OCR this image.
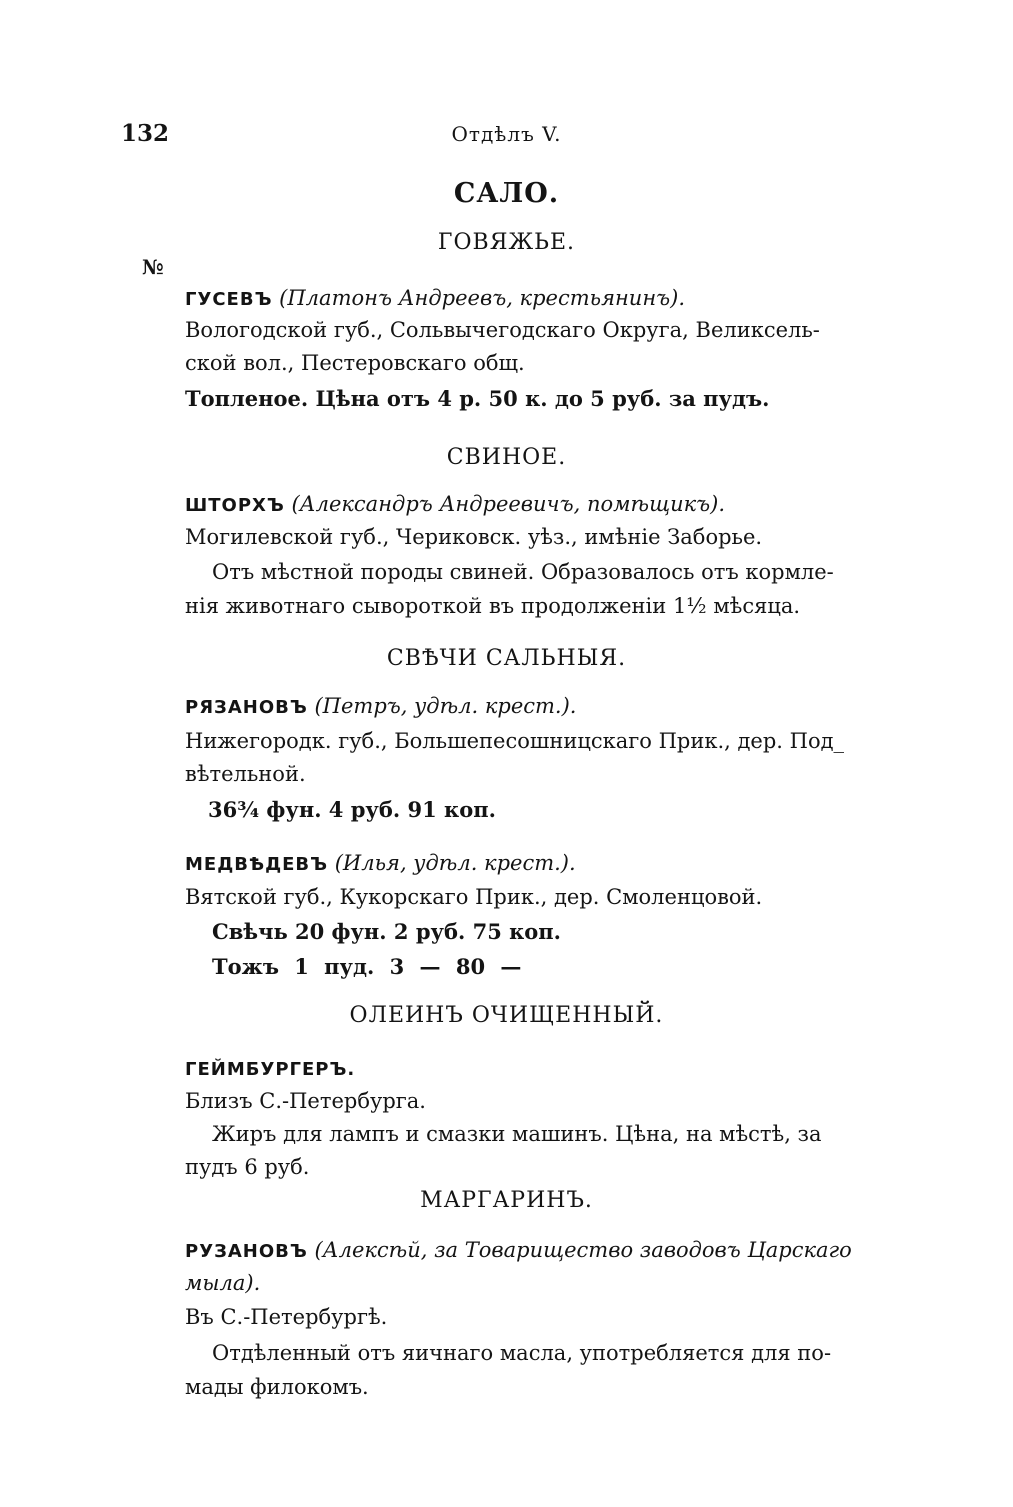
132	Отдѣлъ V.
САЛО.
ГОВЯЖЬЕ.
№
ГУСЕВЪ (Платонъ Андреевъ, крестьянинъ).
Вологодской губ., Сольвычегодскаго Округа, Великсель-
ской вол., Пестеровскаго общ.
Топленое. Цѣна отъ 4 р. 50 к. до 5 руб. за пудъ.
СВИНОЕ.
ШТОРХЪ (Александръ Андреевичъ, помѣщикъ).
Могилевской губ., Чериковск. уѣз., имѣніе Заборье.
Отъ мѣстной породы свиней. Образовалось отъ кормле-
нія животнаго сывороткой въ продолженіи 1½ мѣсяца.
СВѢЧИ САЛЬНЫЯ.
РЯЗАНОВЪ (Петръ, удѣл. крест.).
Нижегородк. губ., Большепесошницскаго Прик., дер. Под_
вѣтельной.
36¾ фун. 4 руб. 91 коп.
МЕДВѢДЕВЪ (Илья, удѣл. крест.).
Вятской губ., Кукорскаго Прик., дер. Смоленцовой.
Свѣчь 20 фун. 2 руб. 75 коп.
Тожъ 1 пуд. 3 — 80 —
ОЛЕИНЪ ОЧИЩЕННЫЙ.
ГЕЙМБУРГЕРЪ.
Близъ С.-Петербурга.
Жиръ для лампъ и смазки машинъ. Цѣна, на мѣстѣ, за
пудъ 6 руб.
МАРГАРИНЪ.
РУЗАНОВЪ (Алексѣй, за Товарищество заводовъ Царскаго
мыла).
Въ С.-Петербургѣ.
Отдѣленный отъ яичнаго масла, употребляется для по-
мады филокомъ.
